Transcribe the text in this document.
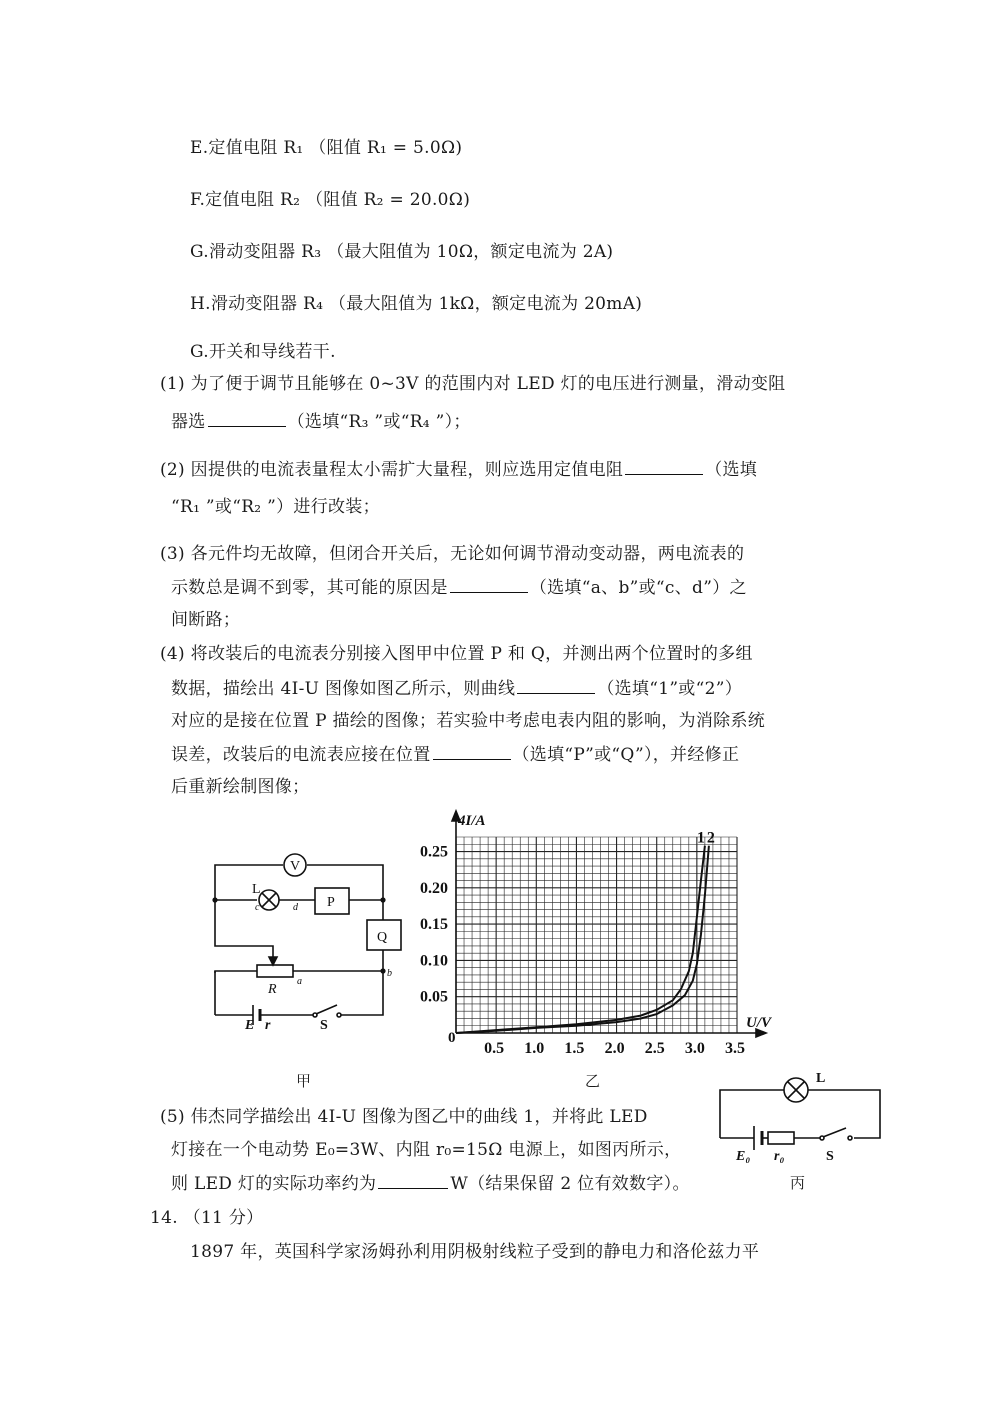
E.定值电阻 R₁ （阻值 R₁ = 5.0Ω)
F.定值电阻 R₂ （阻值 R₂ = 20.0Ω)
G.滑动变阻器 R₃ （最大阻值为 10Ω，额定电流为 2A)
H.滑动变阻器 R₄ （最大阻值为 1kΩ，额定电流为 20mA)
G.开关和导线若干.
(1) 为了便于调节且能够在 0~3V 的范围内对 LED 灯的电压进行测量，滑动变阻
器选	（选填“R₃ ”或“R₄ ”）；
(2) 因提供的电流表量程太小需扩大量程，则应选用定值电阻	（选填
“R₁ ”或“R₂ ”）进行改装；
(3) 各元件均无故障，但闭合开关后，无论如何调节滑动变动器，两电流表的
示数总是调不到零，其可能的原因是	（选填“a、b”或“c、d”）之
间断路；
(4) 将改装后的电流表分别接入图甲中位置 P 和 Q，并测出两个位置时的多组
数据，描绘出 4I-U 图像如图乙所示，则曲线	（选填“1”或“2”）
对应的是接在位置 P 描绘的图像；若实验中考虑电表内阻的影响，为消除系统
误差，改装后的电流表应接在位置	（选填“P”或“Q”），并经修正
后重新绘制图像；
V
L
c	d P
Q
R
a
b
E r	S
甲
0.5 1.0 1.5 2.0 2.5 3.0 3.5
0.05
0.10
0.15
0.20
0.25
1 2
4I/A
U/V
0
乙
(5) 伟杰同学描绘出 4I-U 图像为图乙中的曲线 1，并将此 LED
灯接在一个电动势 E₀=3W、内阻 r₀=15Ω 电源上，如图丙所示，
则 LED 灯的实际功率约为	W（结果保留 2 位有效数字）。
L
E₀ r₀	S
丙
14. （11 分）
1897 年，英国科学家汤姆孙利用阴极射线粒子受到的静电力和洛伦兹力平
